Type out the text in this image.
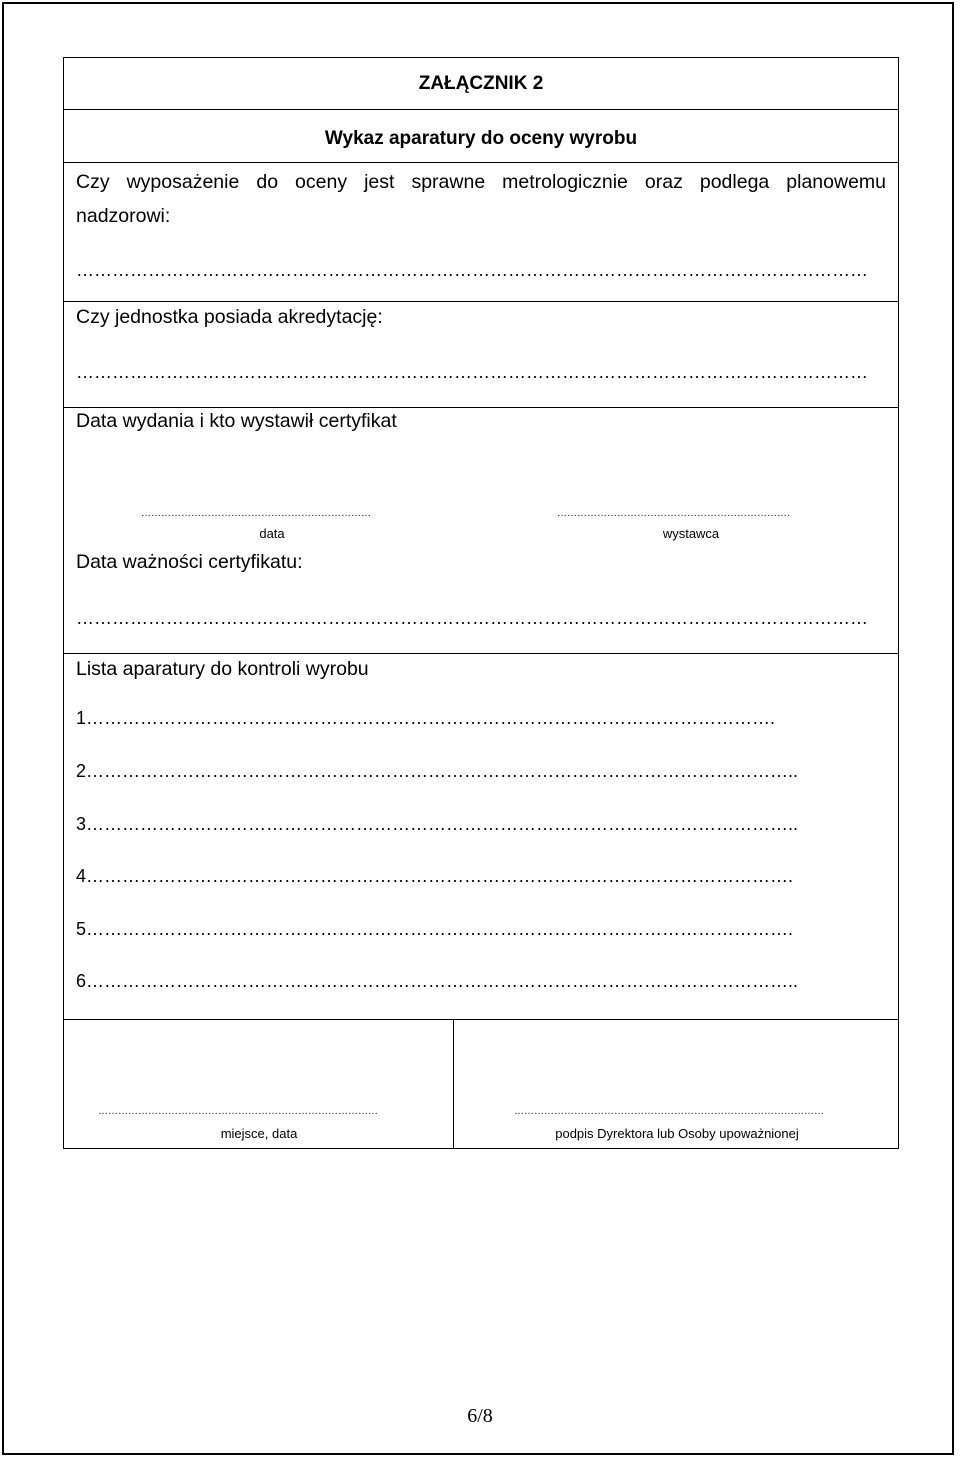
ZAŁĄCZNIK 2
Wykaz aparatury do oceny wyrobu
Czy wyposażenie do oceny jest sprawne metrologicznie oraz podlega planowemu
nadzorowi:
……………………………………………………………………………………………………………………
Czy jednostka posiada akredytację:
……………………………………………………………………………………………………………………
Data wydania i kto wystawił certyfikat
……………………………………………………………
data
…………………………………………………………….
wystawca
Data ważności certyfikatu:
……………………………………………………………………………………………………………………
Lista aparatury do kontroli wyrobu
1…………………………………………………………………………………………………….
2………………………………………………………………………………………………………..
3………………………………………………………………………………………………………..
4……………………………………………………………………………………………………….
5……………………………………………………………………………………………………….
6………………………………………………………………………………………………………..
…………………………………………………………………………
miejsce, data
…………………………………………………………………………………
podpis Dyrektora lub Osoby upoważnionej
6/8
